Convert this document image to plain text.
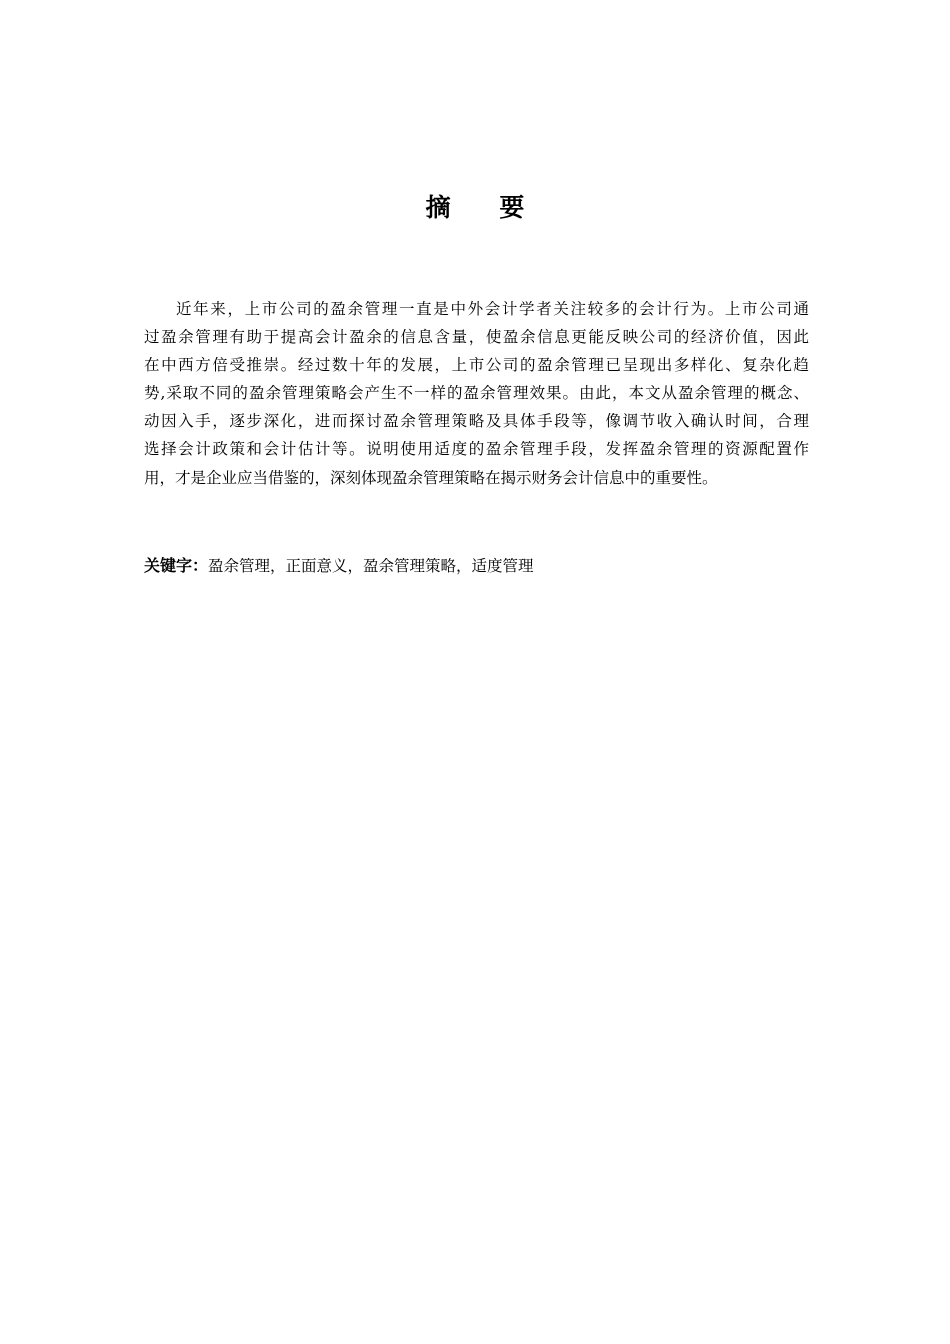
摘 要
近年来，上市公司的盈余管理一直是中外会计学者关注较多的会计行为。上市公司通
过盈余管理有助于提高会计盈余的信息含量，使盈余信息更能反映公司的经济价值，因此
在中西方倍受推崇。经过数十年的发展，上市公司的盈余管理已呈现出多样化、复杂化趋
势,采取不同的盈余管理策略会产生不一样的盈余管理效果。由此，本文从盈余管理的概念、
动因入手，逐步深化，进而探讨盈余管理策略及具体手段等，像调节收入确认时间，合理
选择会计政策和会计估计等。说明使用适度的盈余管理手段，发挥盈余管理的资源配置作
用，才是企业应当借鉴的，深刻体现盈余管理策略在揭示财务会计信息中的重要性。
关键字：盈余管理，正面意义，盈余管理策略，适度管理
